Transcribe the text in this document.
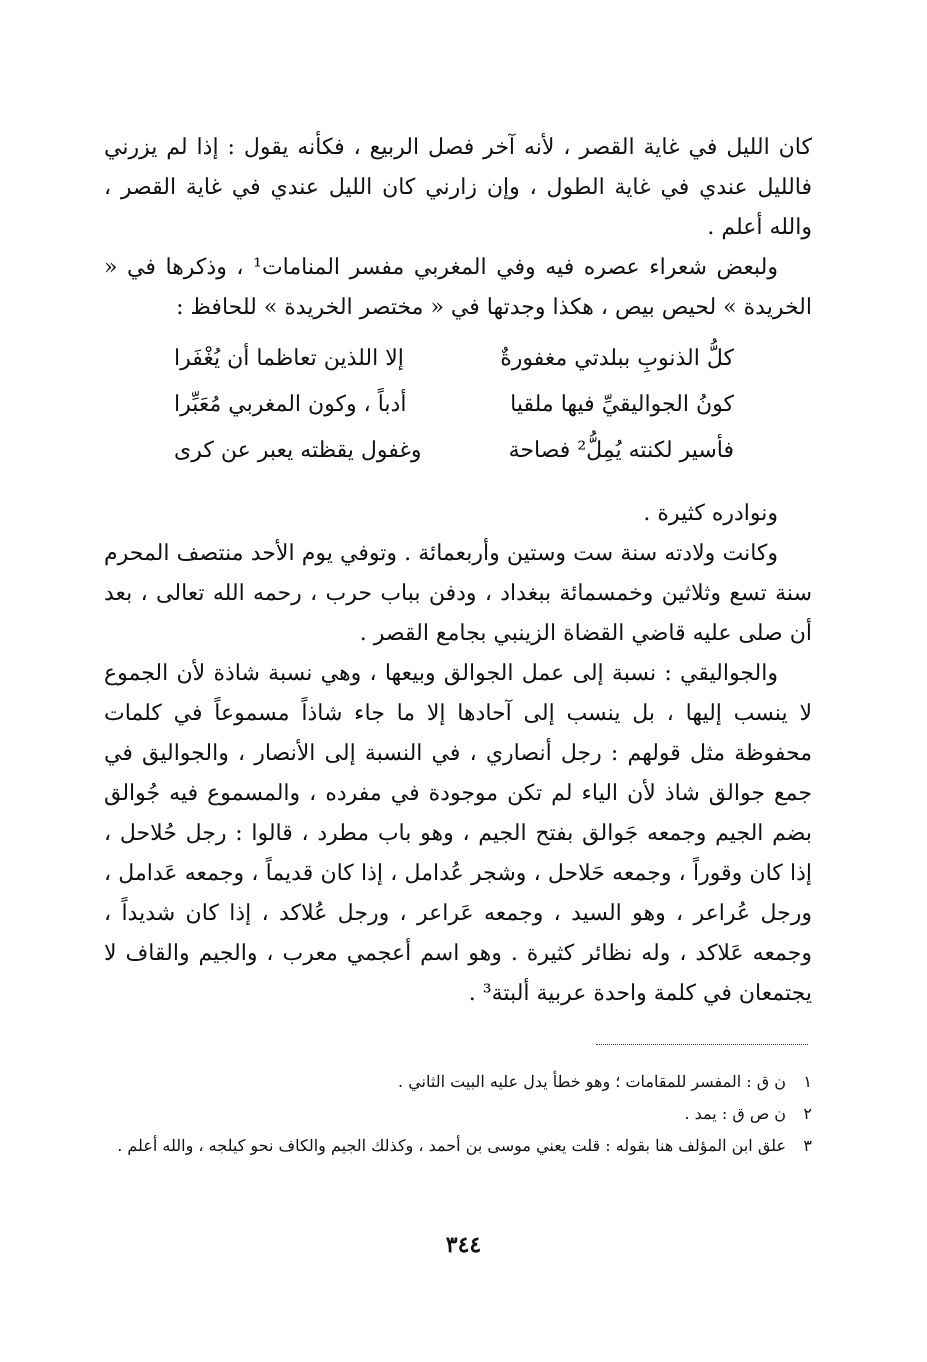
كان الليل في غاية القصر ، لأنه آخر فصل الربيع ، فكأنه يقول : إذا لم يزرني فالليل عندي في غاية الطول ، وإن زارني كان الليل عندي في غاية القصر ، والله أعلم .

ولبعض شعراء عصره فيه وفي المغربي مفسر المنامات¹ ، وذكرها في « الخريدة » لحيص بيص ، هكذا وجدتها في « مختصر الخريدة » للحافظ :

كلُّ الذنوبِ ببلدتي مغفورةٌ
إلا اللذين تعاظما أن يُغْفَرا
كونُ الجواليقيِّ فيها ملقيا
أدباً ، وكون المغربي مُعَبِّرا
فأسير لكنته يُمِلُّ² فصاحة
وغفول يقظته يعبر عن كرى

ونوادره كثيرة .

وكانت ولادته سنة ست وستين وأربعمائة . وتوفي يوم الأحد منتصف المحرم سنة تسع وثلاثين وخمسمائة ببغداد ، ودفن بباب حرب ، رحمه الله تعالى ، بعد أن صلى عليه قاضي القضاة الزينبي بجامع القصر .

والجواليقي : نسبة إلى عمل الجوالق وبيعها ، وهي نسبة شاذة لأن الجموع لا ينسب إليها ، بل ينسب إلى آحادها إلا ما جاء شاذاً مسموعاً في كلمات محفوظة مثل قولهم : رجل أنصاري ، في النسبة إلى الأنصار ، والجواليق في جمع جوالق شاذ لأن الياء لم تكن موجودة في مفرده ، والمسموع فيه جُوالق بضم الجيم وجمعه جَوالق بفتح الجيم ، وهو باب مطرد ، قالوا : رجل حُلاحل ، إذا كان وقوراً ، وجمعه حَلاحل ، وشجر عُدامل ، إذا كان قديماً ، وجمعه عَدامل ، ورجل عُراعر ، وهو السيد ، وجمعه عَراعر ، ورجل عُلاكد ، إذا كان شديداً ، وجمعه عَلاكد ، وله نظائر كثيرة . وهو اسم أعجمي معرب ، والجيم والقاف لا يجتمعان في كلمة واحدة عربية ألبتة³ .

١
ن ق : المفسر للمقامات ؛ وهو خطأ يدل عليه البيت الثاني .
٢
ن ص ق : يمد .
٣
علق ابن المؤلف هنا بقوله : قلت يعني موسى بن أحمد ، وكذلك الجيم والكاف نحو كيلجه ، والله أعلم .
٣٤٤
